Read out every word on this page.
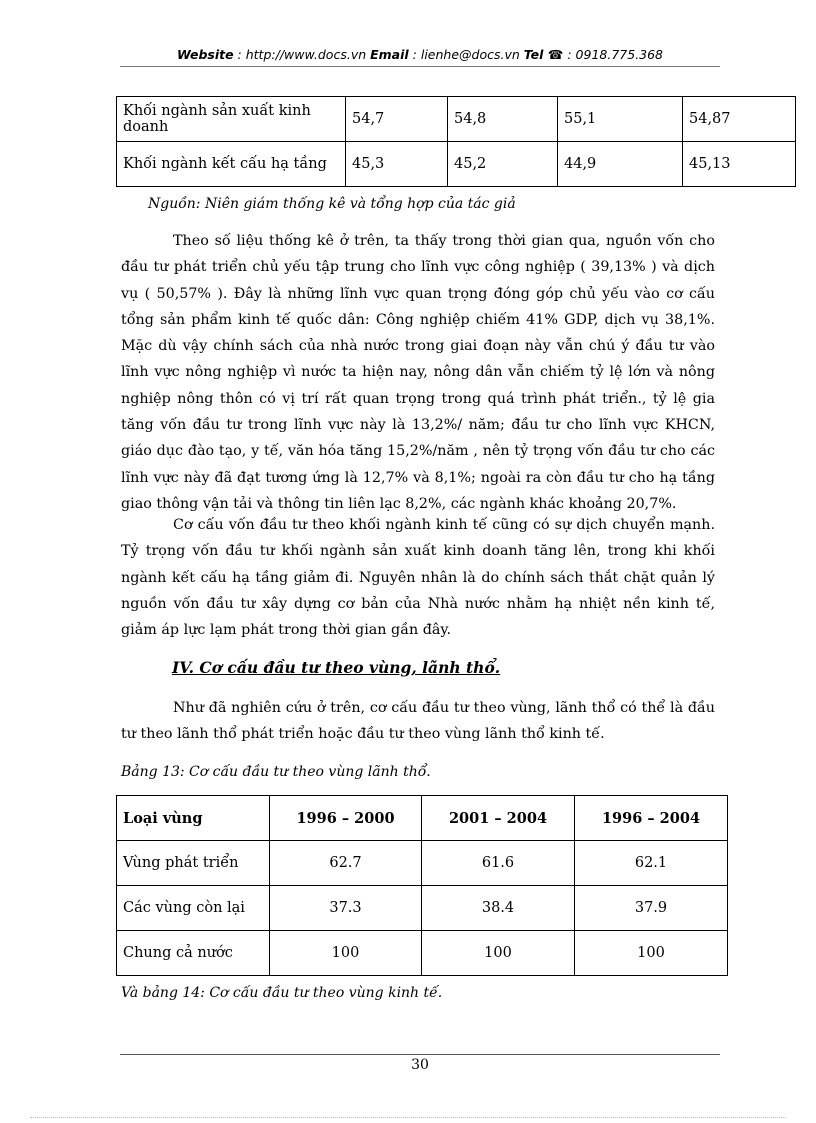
Website : http://www.docs.vn Email : lienhe@docs.vn Tel ☎ : 0918.775.368
Khối ngành sản xuất kinh doanh	54,7	54,8	55,1	54,87
Khối ngành kết cấu hạ tầng	45,3	45,2	44,9	45,13
Nguồn: Niên giám thống kê và tổng hợp của tác giả

Theo số liệu thống kê ở trên, ta thấy trong thời gian qua, nguồn vốn cho đầu tư phát triển chủ yếu tập trung cho lĩnh vực công nghiệp ( 39,13% ) và dịch vụ ( 50,57% ). Đây là những lĩnh vực quan trọng đóng góp chủ yếu vào cơ cấu tổng sản phẩm kinh tế quốc dân: Công nghiệp chiếm 41% GDP, dịch vụ 38,1%. Mặc dù vậy chính sách của nhà nước trong giai đoạn này vẫn chú ý đầu tư vào lĩnh vực nông nghiệp vì nước ta hiện nay, nông dân vẫn chiếm tỷ lệ lớn và nông nghiệp nông thôn có vị trí rất quan trọng trong quá trình phát triển., tỷ lệ gia tăng vốn đầu tư trong lĩnh vực này là 13,2%/ năm; đầu tư cho lĩnh vực KHCN, giáo dục đào tạo, y tế, văn hóa tăng 15,2%/năm , nên tỷ trọng vốn đầu tư cho các lĩnh vực này đã đạt tương ứng là 12,7% và 8,1%; ngoài ra còn đầu tư cho hạ tầng giao thông vận tải và thông tin liên lạc 8,2%, các ngành khác khoảng 20,7%.

Cơ cấu vốn đầu tư theo khối ngành kinh tế cũng có sự dịch chuyển mạnh. Tỷ trọng vốn đầu tư khối ngành sản xuất kinh doanh tăng lên, trong khi khối ngành kết cấu hạ tầng giảm đi. Nguyên nhân là do chính sách thắt chặt quản lý nguồn vốn đầu tư xây dựng cơ bản của Nhà nước nhằm hạ nhiệt nền kinh tế, giảm áp lực lạm phát trong thời gian gần đây.

IV. Cơ cấu đầu tư theo vùng, lãnh thổ.

Như đã nghiên cứu ở trên, cơ cấu đầu tư theo vùng, lãnh thổ có thể là đầu tư theo lãnh thổ phát triển hoặc đầu tư theo vùng lãnh thổ kinh tế.

Bảng 13: Cơ cấu đầu tư theo vùng lãnh thổ.
Loại vùng	1996 – 2000	2001 – 2004	1996 – 2004
Vùng phát triển	62.7	61.6	62.1
Các vùng còn lại	37.3	38.4	37.9
Chung cả nước	100	100	100
Và bảng 14: Cơ cấu đầu tư theo vùng kinh tế.
30
